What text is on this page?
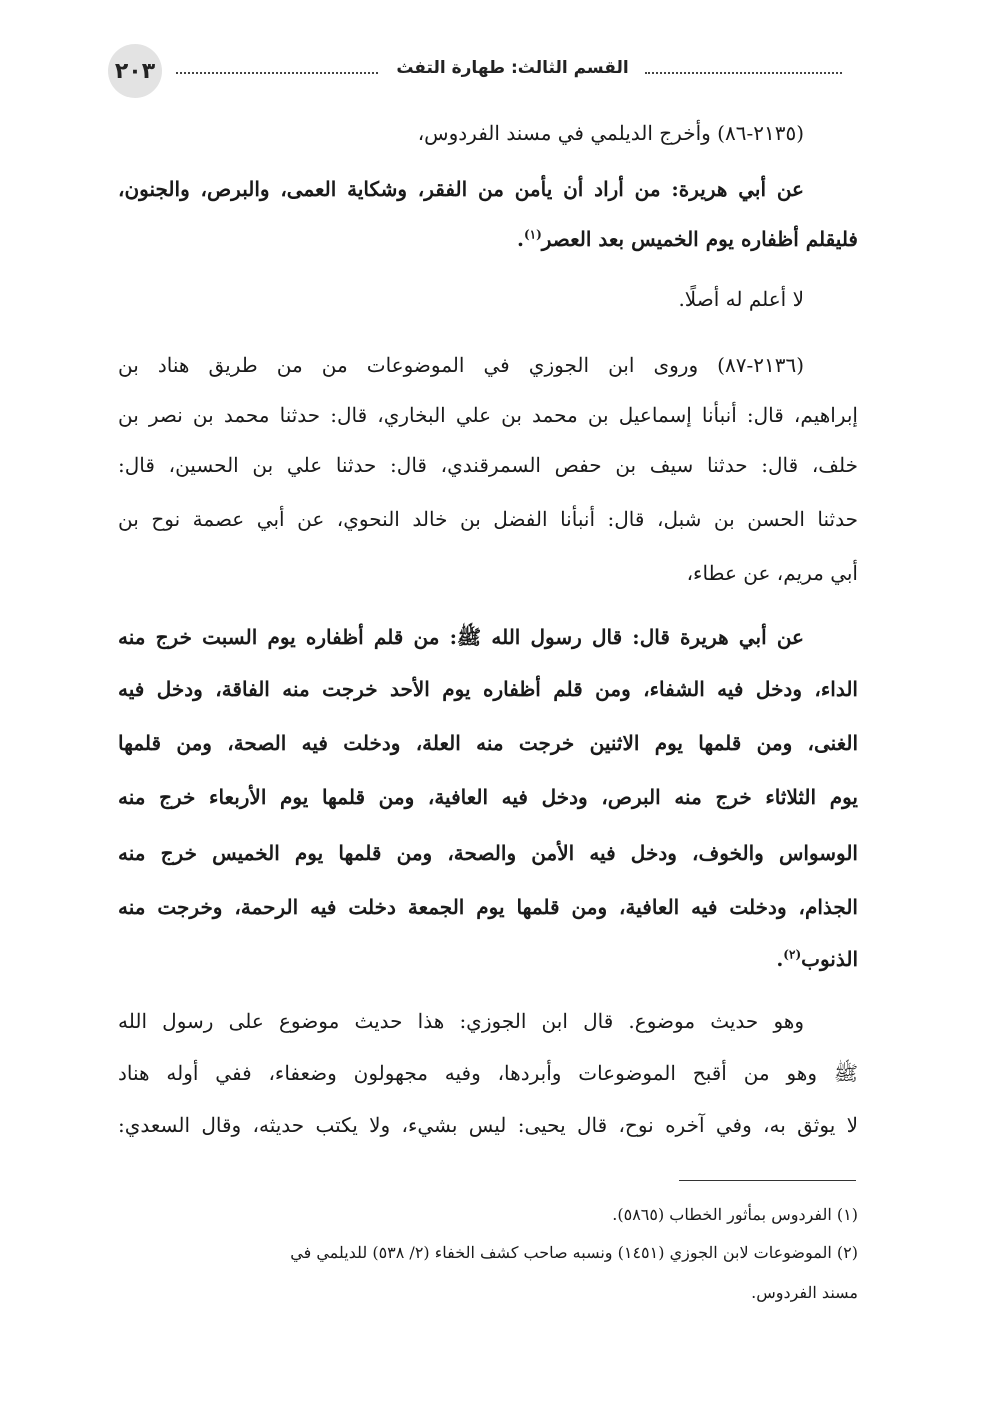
٢٠٣	القسم الثالث: طهارة التفث
(٢١٣٥-٨٦) وأخرج الديلمي في مسند الفردوس،
عن أبي هريرة: من أراد أن يأمن من الفقر، وشكاية العمى، والبرص، والجنون،
فليقلم أظفاره يوم الخميس بعد العصر$^{(١)}$.
لا أعلم له أصلًا.
(٢١٣٦-٨٧) وروى ابن الجوزي في الموضوعات من من طريق هناد بن
إبراهيم، قال: أنبأنا إسماعيل بن محمد بن علي البخاري، قال: حدثنا محمد بن نصر بن
خلف، قال: حدثنا سيف بن حفص السمرقندي، قال: حدثنا علي بن الحسين، قال:
حدثنا الحسن بن شبل، قال: أنبأنا الفضل بن خالد النحوي، عن أبي عصمة نوح بن
أبي مريم، عن عطاء،
عن أبي هريرة قال: قال رسول الله ﷺ: من قلم أظفاره يوم السبت خرج منه
الداء، ودخل فيه الشفاء، ومن قلم أظفاره يوم الأحد خرجت منه الفاقة، ودخل فيه
الغنى، ومن قلمها يوم الاثنين خرجت منه العلة، ودخلت فيه الصحة، ومن قلمها
يوم الثلاثاء خرج منه البرص، ودخل فيه العافية، ومن قلمها يوم الأربعاء خرج منه
الوسواس والخوف، ودخل فيه الأمن والصحة، ومن قلمها يوم الخميس خرج منه
الجذام، ودخلت فيه العافية، ومن قلمها يوم الجمعة دخلت فيه الرحمة، وخرجت منه
الذنوب$^{(٢)}$.
وهو حديث موضوع. قال ابن الجوزي: هذا حديث موضوع على رسول الله
ﷺ وهو من أقبح الموضوعات وأبردها، وفيه مجهولون وضعفاء، ففي أوله هناد
لا يوثق به، وفي آخره نوح، قال يحيى: ليس بشيء، ولا يكتب حديثه، وقال السعدي:
(١) الفردوس بمأثور الخطاب (٥٨٦٥).
(٢) الموضوعات لابن الجوزي (١٤٥١) ونسبه صاحب كشف الخفاء (٢/ ٥٣٨) للديلمي في
مسند الفردوس.
